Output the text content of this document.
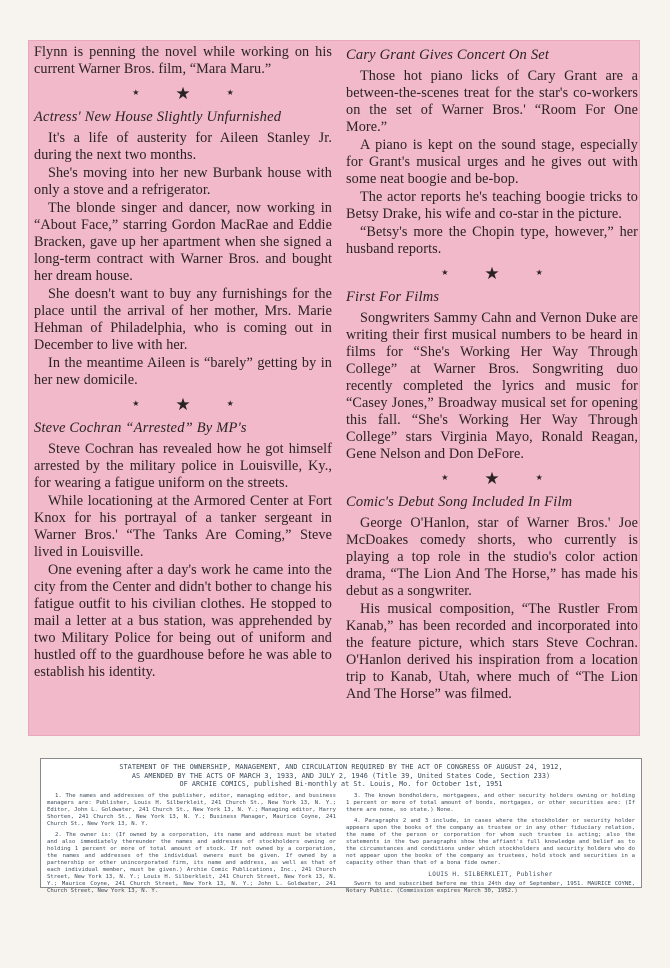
Flynn is penning the novel while working on his current Warner Bros. film, “Mara Maru.”

★ ★	★
Actress' New House Slightly Unfurnished

It's a life of austerity for Aileen Stanley Jr. during the next two months.

She's moving into her new Burbank house with only a stove and a refrigerator.

The blonde singer and dancer, now working in “About Face,” starring Gordon MacRae and Eddie Bracken, gave up her apartment when she signed a long-term contract with Warner Bros. and bought her dream house.

She doesn't want to buy any furnishings for the place until the arrival of her mother, Mrs. Marie Hehman of Philadelphia, who is coming out in December to live with her.

In the meantime Aileen is “barely” getting by in her new domicile.

★ ★	★
Steve Cochran “Arrested” By MP's

Steve Cochran has revealed how he got himself arrested by the military police in Louisville, Ky., for wearing a fatigue uniform on the streets.

While locationing at the Armored Center at Fort Knox for his portrayal of a tanker sergeant in Warner Bros.' “The Tanks Are Coming,” Steve lived in Louisville.

One evening after a day's work he came into the city from the Center and didn't bother to change his fatigue outfit to his civilian clothes. He stopped to mail a letter at a bus station, was apprehended by two Military Police for being out of uniform and hustled off to the guardhouse before he was able to establish his identity.

Cary Grant Gives Concert On Set

Those hot piano licks of Cary Grant are a between-the-scenes treat for the star's co-workers on the set of Warner Bros.' “Room For One More.”

A piano is kept on the sound stage, especially for Grant's musical urges and he gives out with some neat boogie and be-bop.

The actor reports he's teaching boogie tricks to Betsy Drake, his wife and co-star in the picture.

“Betsy's more the Chopin type, however,” her husband reports.

★ ★	★
First For Films

Songwriters Sammy Cahn and Vernon Duke are writing their first musical numbers to be heard in films for “She's Working Her Way Through College” at Warner Bros. Songwriting duo recently completed the lyrics and music for “Casey Jones,” Broadway musical set for opening this fall. “She's Working Her Way Through College” stars Virginia Mayo, Ronald Reagan, Gene Nelson and Don DeFore.

★ ★	★
Comic's Debut Song Included In Film

George O'Hanlon, star of Warner Bros.' Joe McDoakes comedy shorts, who currently is playing a top role in the studio's color action drama, “The Lion And The Horse,” has made his debut as a songwriter.

His musical composition, “The Rustler From Kanab,” has been recorded and incorporated into the feature picture, which stars Steve Cochran. O'Hanlon derived his inspiration from a location trip to Kanab, Utah, where much of “The Lion And The Horse” was filmed.

STATEMENT OF THE OWNERSHIP, MANAGEMENT, AND CIRCULATION REQUIRED BY THE ACT OF CONGRESS OF AUGUST 24, 1912,
AS AMENDED BY THE ACTS OF MARCH 3, 1933, AND JULY 2, 1946 (Title 39, United States Code, Section 233)
OF ARCHIE COMICS, published Bi-monthly at St. Louis, Mo. for October 1st, 1951

1. The names and addresses of the publisher, editor, managing editor, and business managers are: Publisher, Louis H. Silberkleit, 241 Church St., New York 13, N. Y.; Editor, John L. Goldwater, 241 Church St., New York 13, N. Y.; Managing editor, Harry Shorten, 241 Church St., New York 13, N. Y.; Business Manager, Maurice Coyne, 241 Church St., New York 13, N. Y.

2. The owner is: (If owned by a corporation, its name and address must be stated and also immediately thereunder the names and addresses of stockholders owning or holding 1 percent or more of total amount of stock. If not owned by a corporation, the names and addresses of the individual owners must be given. If owned by a partnership or other unincorporated firm, its name and address, as well as that of each individual member, must be given.) Archie Comic Publications, Inc., 241 Church Street, New York 13, N. Y.; Louis H. Silberkleit, 241 Church Street, New York 13, N. Y.; Maurice Coyne, 241 Church Street, New York 13, N. Y.; John L. Goldwater, 241 Church Street, New York 13, N. Y.

3. The known bondholders, mortgagees, and other security holders owning or holding 1 percent or more of total amount of bonds, mortgages, or other securities are: (If there are none, so state.) None.

4. Paragraphs 2 and 3 include, in cases where the stockholder or security holder appears upon the books of the company as trustee or in any other fiduciary relation, the name of the person or corporation for whom such trustee is acting; also the statements in the two paragraphs show the affiant's full knowledge and belief as to the circumstances and conditions under which stockholders and security holders who do not appear upon the books of the company as trustees, hold stock and securities in a capacity other than that of a bona fide owner.

LOUIS H. SILBERKLEIT, Publisher

Sworn to and subscribed before me this 24th day of September, 1951. MAURICE COYNE, Notary Public. (Commission expires March 30, 1952.)
